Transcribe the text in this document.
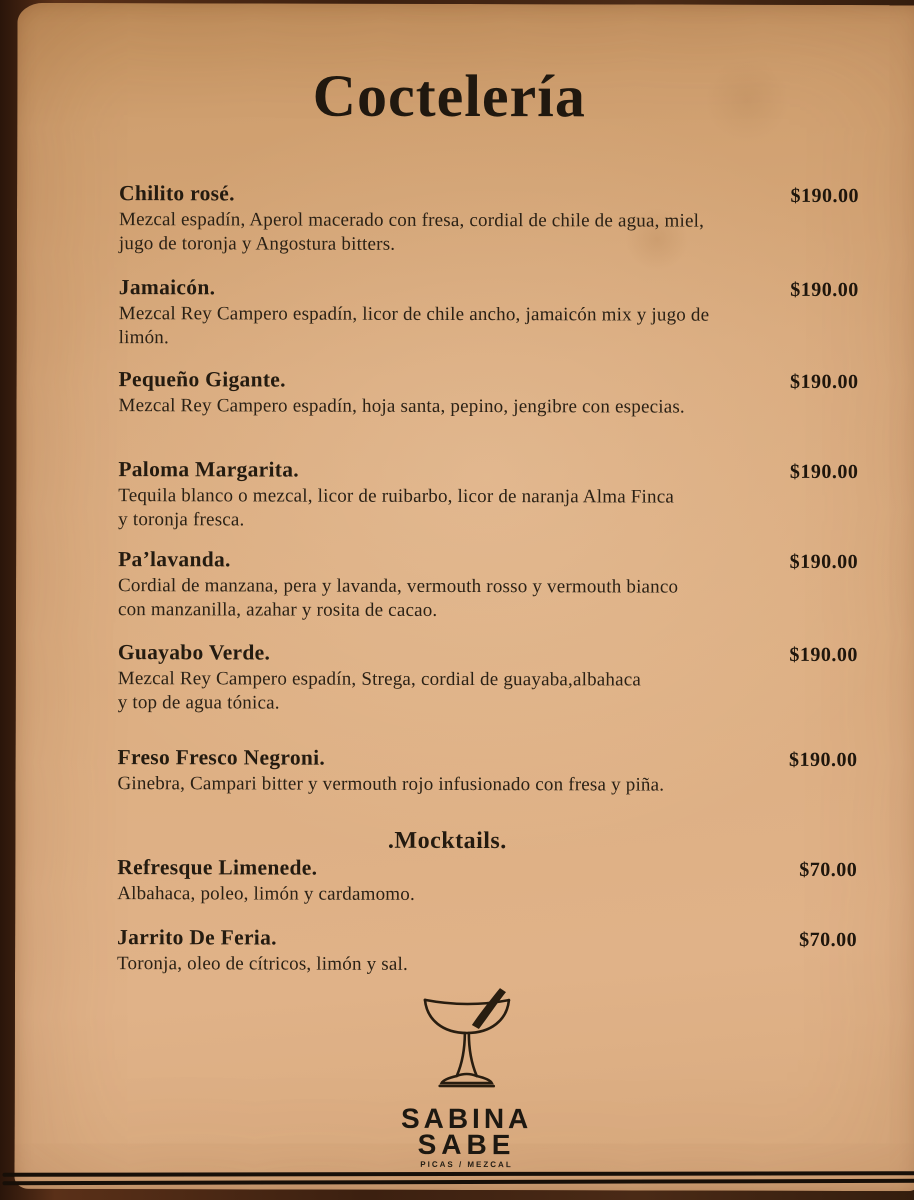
Coctelería
Chilito rosé.	$190.00

Mezcal espadín, Aperol macerado con fresa, cordial de chile de agua, miel,
jugo de toronja y Angostura bitters.

Jamaicón.	$190.00

Mezcal Rey Campero espadín, licor de chile ancho, jamaicón mix y jugo de limón.

Pequeño Gigante.	$190.00

Mezcal Rey Campero espadín, hoja santa, pepino, jengibre con especias.

Paloma Margarita.	$190.00

Tequila blanco o mezcal, licor de ruibarbo, licor de naranja Alma Finca
y toronja fresca.

Pa’lavanda.	$190.00

Cordial de manzana, pera y lavanda, vermouth rosso y vermouth bianco
con manzanilla, azahar y rosita de cacao.

Guayabo Verde.	$190.00

Mezcal Rey Campero espadín, Strega, cordial de guayaba,albahaca
y top de agua tónica.

Freso Fresco Negroni.	$190.00

Ginebra, Campari bitter y vermouth rojo infusionado con fresa y piña.

.Mocktails.
Refresque Limenede.	$70.00

Albahaca, poleo, limón y cardamomo.

Jarrito De Feria.	$70.00

Toronja, oleo de cítricos, limón y sal.

SABINA
SABE
PICAS / MEZCAL
